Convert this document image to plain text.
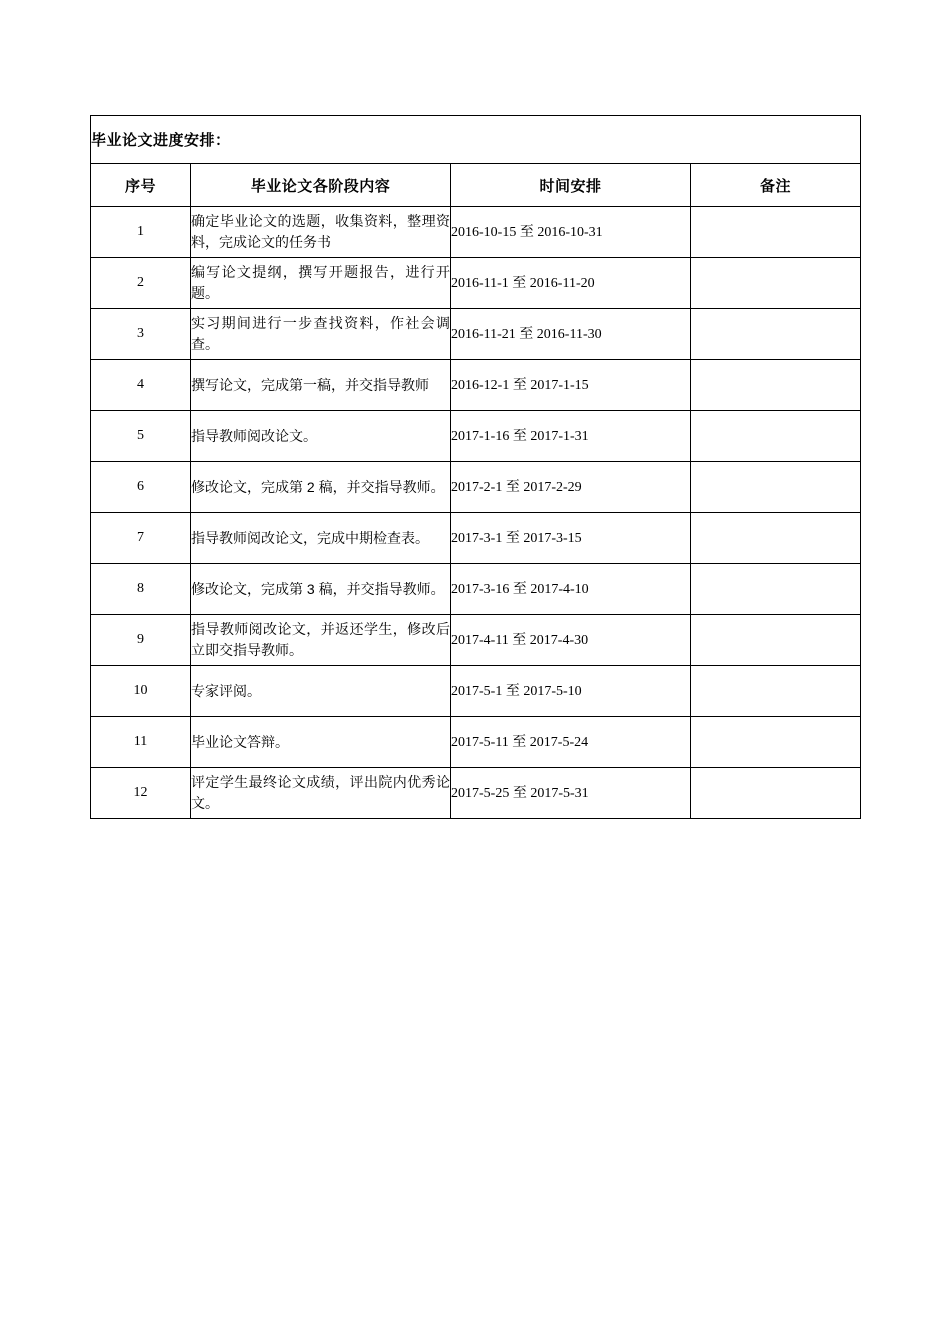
毕业论文进度安排：			
序号	毕业论文各阶段内容	时间安排	备注
1	确定毕业论文的选题，收集资料，整理资料，完成论文的任务书	2016-10-15 至 2016-10-31	
2	编写论文提纲，撰写开题报告，进行开题。	2016-11-1 至 2016-11-20	
3	实习期间进行一步查找资料，作社会调查。	2016-11-21 至 2016-11-30	
4	撰写论文，完成第一稿，并交指导教师	2016-12-1 至 2017-1-15	
5	指导教师阅改论文。	2017-1-16 至 2017-1-31	
6	修改论文，完成第 2 稿，并交指导教师。	2017-2-1 至 2017-2-29	
7	指导教师阅改论文，完成中期检查表。	2017-3-1 至 2017-3-15	
8	修改论文，完成第 3 稿，并交指导教师。	2017-3-16 至 2017-4-10	
9	指导教师阅改论文，并返还学生，修改后立即交指导教师。	2017-4-11 至 2017-4-30	
10	专家评阅。	2017-5-1 至 2017-5-10	
11	毕业论文答辩。	2017-5-11 至 2017-5-24	
12	评定学生最终论文成绩，评出院内优秀论文。	2017-5-25 至 2017-5-31	
